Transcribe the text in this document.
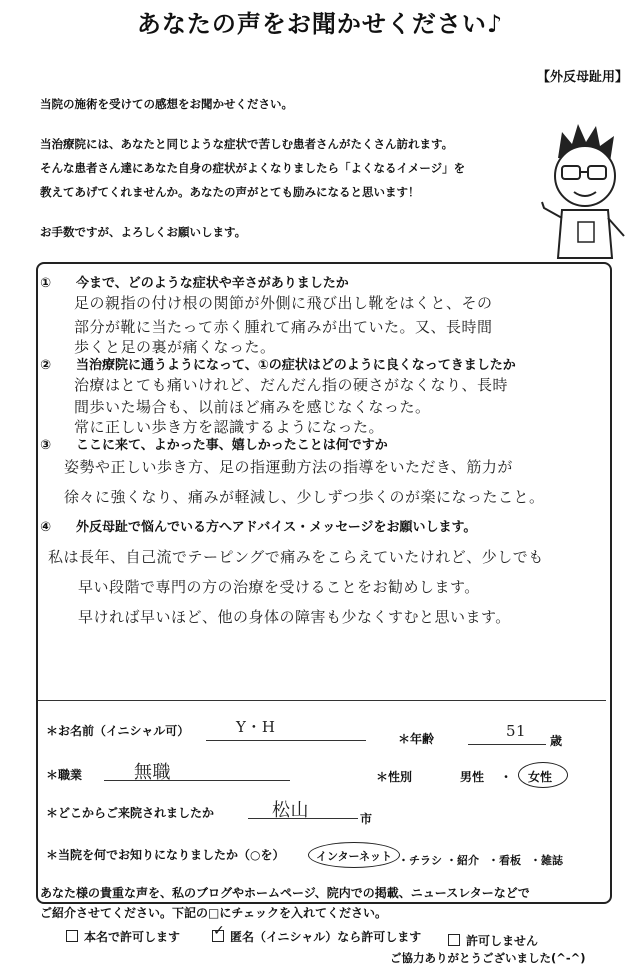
あなたの声をお聞かせください♪
【外反母趾用】
当院の施術を受けての感想をお聞かせください。
当治療院には、あなたと同じような症状で苦しむ患者さんがたくさん訪れます。
そんな患者さん達にあなた自身の症状がよくなりましたら「よくなるイメージ」を
教えてあげてくれませんか。あなたの声がとても励みになると思います！
お手数ですが、よろしくお願いします。
① 今まで、どのような症状や辛さがありましたか
足の親指の付け根の関節が外側に飛び出し靴をはくと、その
部分が靴に当たって赤く腫れて痛みが出ていた。又、長時間
歩くと足の裏が痛くなった。
② 当治療院に通うようになって、①の症状はどのように良くなってきましたか
治療はとても痛いけれど、だんだん指の硬さがなくなり、長時
間歩いた場合も、以前ほど痛みを感じなくなった。
常に正しい歩き方を認識するようになった。
③ ここに来て、よかった事、嬉しかったことは何ですか
姿勢や正しい歩き方、足の指運動方法の指導をいただき、筋力が
徐々に強くなり、痛みが軽減し、少しずつ歩くのが楽になったこと。
④ 外反母趾で悩んでいる方へアドバイス・メッセージをお願いします。
私は長年、自己流でテーピングで痛みをこらえていたけれど、少しでも
早い段階で専門の方の治療を受けることをお勧めします。
早ければ早いほど、他の身体の障害も少なくすむと思います。
＊お名前（イニシャル可）	Y・H
＊年齢	51
歳
＊職業	無職	＊性別	男性 ・ 女性
＊どこからご来院されましたか	松山	市
＊当院を何でお知りになりましたか（○を）	インターネット ・チラシ ・紹介 ・看板 ・雑誌
あなた様の貴重な声を、私のブログやホームページ、院内での掲載、ニュースレターなどで
ご紹介させてください。下記の□にチェックを入れてください。
本名で許可します ✓ 匿名（イニシャル）なら許可します	許可しません
ご協力ありがとうございました(^-^)
